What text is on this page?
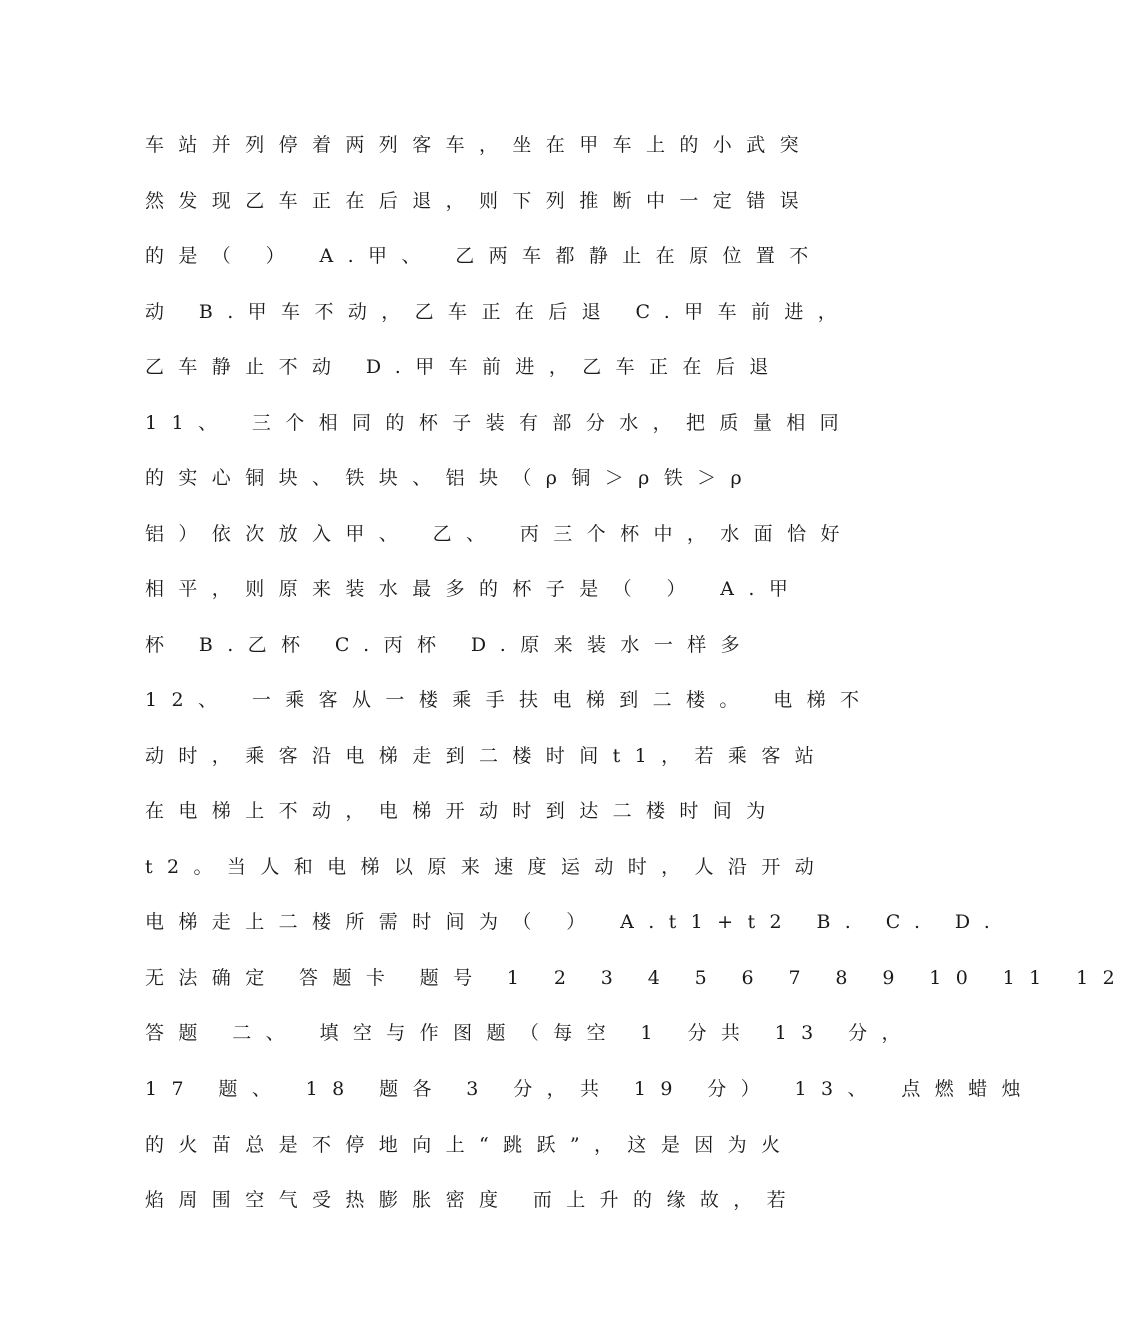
车站并列停着两列客车，坐在甲车上的小武突
然发现乙车正在后退，则下列推断中一定错误
的是（ ） A.甲、 乙两车都静止在原位置不
动 B.甲车不动，乙车正在后退 C.甲车前进，
乙车静止不动 D.甲车前进，乙车正在后退
11、 三个相同的杯子装有部分水，把质量相同
的实心铜块、铁块、铝块（ρ铜＞ρ铁＞ρ
铝）依次放入甲、 乙、 丙三个杯中，水面恰好
相平，则原来装水最多的杯子是（ ） A.甲
杯 B.乙杯 C.丙杯 D.原来装水一样多
12、 一乘客从一楼乘手扶电梯到二楼。 电梯不
动时，乘客沿电梯走到二楼时间t1，若乘客站
在电梯上不动，电梯开动时到达二楼时间为
t2。当人和电梯以原来速度运动时，人沿开动
电梯走上二楼所需时间为（ ） A.t1+t2 B. C. D.
无法确定 答题卡 题号 1 2 3 4 5 6 7 8 9 10 11 12
答题 二、 填空与作图题（每空 1 分共 13 分，
17 题、 18 题各 3 分，共 19 分） 13、 点燃蜡烛
的火苗总是不停地向上“跳跃”，这是因为火
焰周围空气受热膨胀密度 而上升的缘故，若
